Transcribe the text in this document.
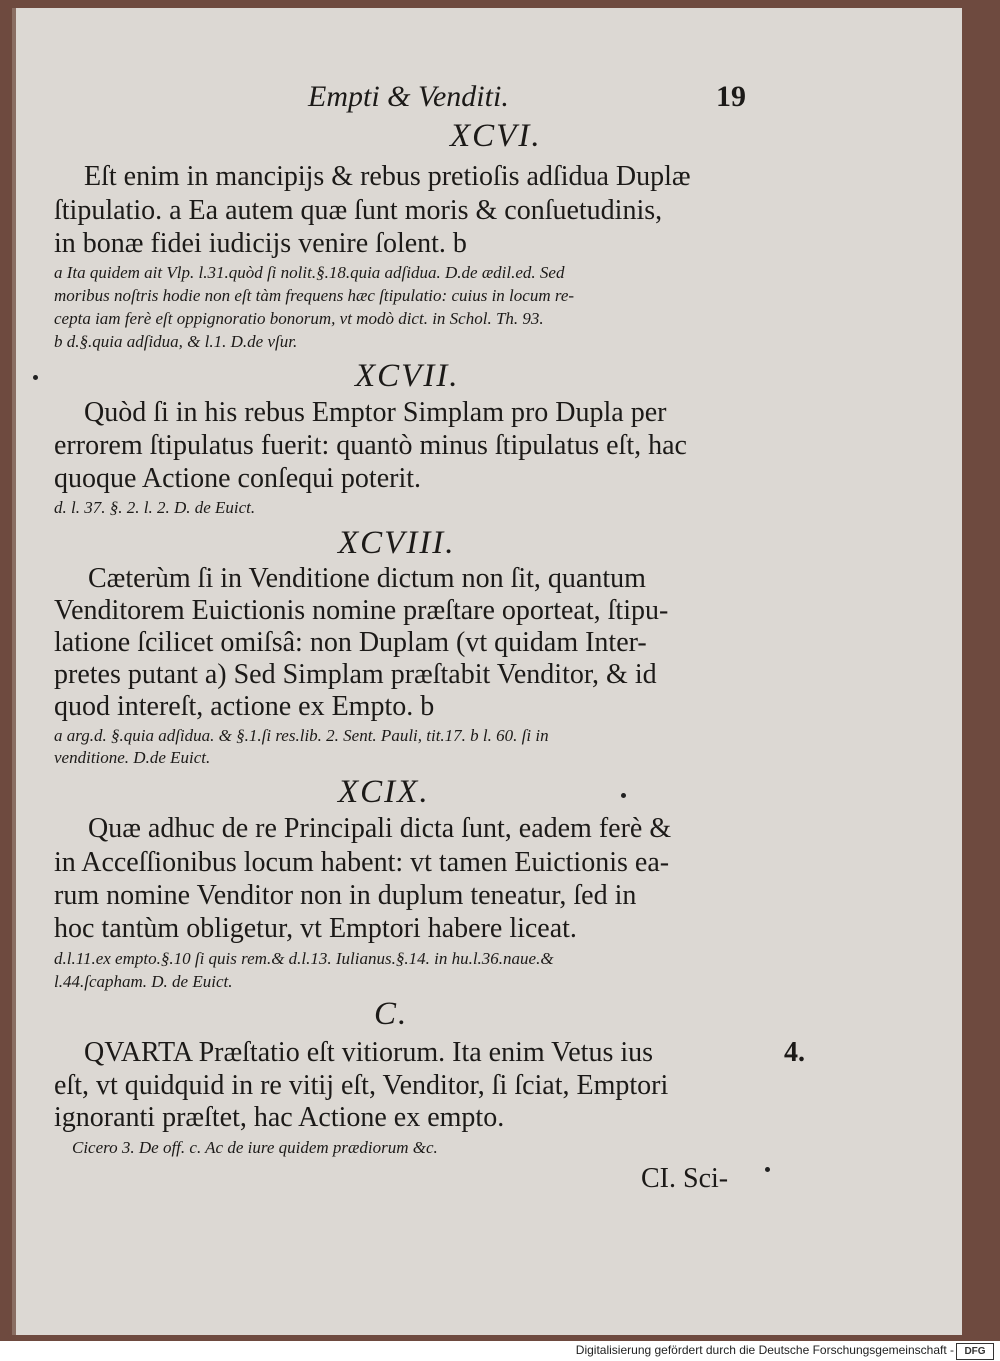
Empti & Venditi.	19
XCVI.
Eſt enim in mancipijs & rebus pretioſis adſidua Duplæ
ſtipulatio. a Ea autem quæ ſunt moris & conſuetudinis,
in bonæ fidei iudicijs venire ſolent. b
a Ita quidem ait Vlp. l.31.quòd ſi nolit.§.18.quia adſidua. D.de ædil.ed. Sed
moribus noſtris hodie non eſt tàm frequens hæc ſtipulatio: cuius in locum re-
cepta iam ferè eſt oppignoratio bonorum, vt modò dict. in Schol. Th. 93.
b d.§.quia adſidua, & l.1. D.de vſur.
XCVII.
Quòd ſi in his rebus Emptor Simplam pro Dupla per
errorem ſtipulatus fuerit: quantò minus ſtipulatus eſt, hac
quoque Actione conſequi poterit.
d. l. 37. §. 2. l. 2. D. de Euict.
XCVIII.
Cæterùm ſi in Venditione dictum non ſit, quantum
Venditorem Euictionis nomine præſtare oporteat, ſtipu-
latione ſcilicet omiſsâ: non Duplam (vt quidam Inter-
pretes putant a) Sed Simplam præſtabit Venditor, & id
quod intereſt, actione ex Empto. b
a arg.d. §.quia adſidua. & §.1.ſi res.lib. 2. Sent. Pauli, tit.17. b l. 60. ſi in
venditione. D.de Euict.
XCIX.
Quæ adhuc de re Principali dicta ſunt, eadem ferè &
in Acceſſionibus locum habent: vt tamen Euictionis ea-
rum nomine Venditor non in duplum teneatur, ſed in
hoc tantùm obligetur, vt Emptori habere liceat.
d.l.11.ex empto.§.10 ſi quis rem.& d.l.13. Iulianus.§.14. in hu.l.36.naue.&
l.44.ſcapham. D. de Euict.
C.
QVARTA Præſtatio eſt vitiorum. Ita enim Vetus ius	4.
eſt, vt quidquid in re vitij eſt, Venditor, ſi ſciat, Emptori
ignoranti præſtet, hac Actione ex empto.
Cicero 3. De off. c. Ac de iure quidem prædiorum &c.
CI. Sci-
Digitalisierung gefördert durch die Deutsche Forschungsgemeinschaft -	DFG
